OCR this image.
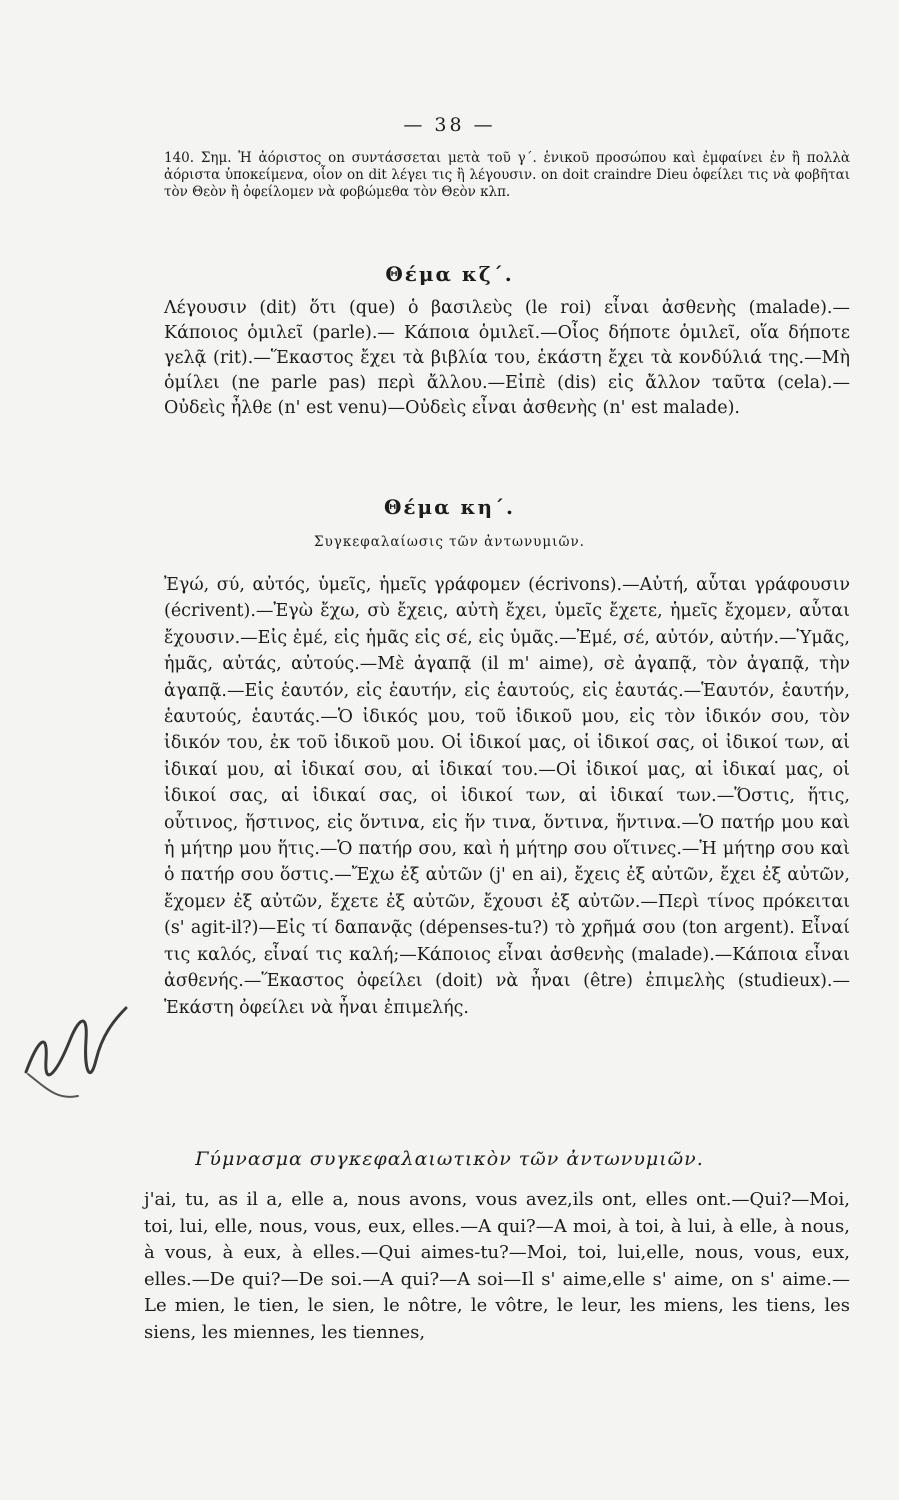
— 38 —
140. Σημ. Ἡ ἀόριστος on συντάσσεται μετὰ τοῦ γ΄. ἑνικοῦ προσώπου καὶ ἐμφαίνει ἐν ἢ πολλὰ ἀόριστα ὑποκείμενα, οἷον on dit λέγει τις ἢ λέγουσιν. on doit craindre Dieu ὀφείλει τις νὰ φοβῆται τὸν Θεὸν ἢ ὀφείλομεν νὰ φοβώμεθα τὸν Θεὸν κλπ.
Θέμα κζ΄.
Λέγουσιν (dit) ὅτι (que) ὁ βασιλεὺς (le roi) εἶναι ἀσθενὴς (malade).—Κάποιος ὁμιλεῖ (parle).— Κάποια ὁμιλεῖ.—Οἷος δήποτε ὁμιλεῖ, οἵα δήποτε γελᾷ (rit).—Ἕκαστος ἔχει τὰ βιβλία του, ἑκάστη ἔχει τὰ κονδύλιά της.—Μὴ ὁμίλει (ne parle pas) περὶ ἄλλου.—Εἰπὲ (dis) εἰς ἄλλον ταῦτα (cela).—Οὐδεὶς ἦλθε (n' est venu)—Οὐδεὶς εἶναι ἀσθενὴς (n' est malade).
Θέμα κη΄.
Συγκεφαλαίωσις τῶν ἀντωνυμιῶν.
Ἐγώ, σύ, αὐτός, ὑμεῖς, ἡμεῖς γράφομεν (écrivons).—Αὐτή, αὗται γράφουσιν (écrivent).—Ἐγὼ ἔχω, σὺ ἔχεις, αὐτὴ ἔχει, ὑμεῖς ἔχετε, ἡμεῖς ἔχομεν, αὗται ἔχουσιν.—Εἰς ἐμέ, εἰς ἡμᾶς εἰς σέ, εἰς ὑμᾶς.—Ἐμέ, σέ, αὐτόν, αὐτήν.—Ὑμᾶς, ἡμᾶς, αὐτάς, αὐτούς.—Μὲ ἀγαπᾷ (il m' aime), σὲ ἀγαπᾷ, τὸν ἀγαπᾷ, τὴν ἀγαπᾷ.—Εἰς ἑαυτόν, εἰς ἑαυτήν, εἰς ἑαυτούς, εἰς ἑαυτάς.—Ἑαυτόν, ἑαυτήν, ἑαυτούς, ἑαυτάς.—Ὁ ἰδικός μου, τοῦ ἰδικοῦ μου, εἰς τὸν ἰδικόν σου, τὸν ἰδικόν του, ἐκ τοῦ ἰδικοῦ μου. Οἱ ἰδικοί μας, οἱ ἰδικοί σας, οἱ ἰδικοί των, αἱ ἰδικαί μου, αἱ ἰδικαί σου, αἱ ἰδικαί του.—Οἱ ἰδικοί μας, αἱ ἰδικαί μας, οἱ ἰδικοί σας, αἱ ἰδικαί σας, οἱ ἰδικοί των, αἱ ἰδικαί των.—Ὅστις, ἥτις, οὗτινος, ἥστινος, εἰς ὅντινα, εἰς ἥν τινα, ὅντινα, ἥντινα.—Ὁ πατήρ μου καὶ ἡ μήτηρ μου ἥτις.—Ὁ πατήρ σου, καὶ ἡ μήτηρ σου οἵτινες.—Ἡ μήτηρ σου καὶ ὁ πατήρ σου ὅστις.—Ἔχω ἐξ αὐτῶν (j' en ai), ἔχεις ἐξ αὐτῶν, ἔχει ἐξ αὐτῶν, ἔχομεν ἐξ αὐτῶν, ἔχετε ἐξ αὐτῶν, ἔχουσι ἐξ αὐτῶν.—Περὶ τίνος πρόκειται (s' agit-il?)—Εἰς τί δαπανᾷς (dépenses-tu?) τὸ χρῆμά σου (ton argent). Εἶναί τις καλός, εἶναί τις καλή;—Κάποιος εἶναι ἀσθενὴς (malade).—Κάποια εἶναι ἀσθενής.—Ἕκαστος ὀφείλει (doit) νὰ ἦναι (être) ἐπιμελὴς (studieux).—Ἑκάστη ὀφείλει νὰ ἦναι ἐπιμελής.
Γύμνασμα συγκεφαλαιωτικὸν τῶν ἀντωνυμιῶν.
j'ai, tu, as il a, elle a, nous avons, vous avez,ils ont, elles ont.—Qui?—Moi, toi, lui, elle, nous, vous, eux, elles.—A qui?—A moi, à toi, à lui, à elle, à nous, à vous, à eux, à elles.—Qui aimes-tu?—Moi, toi, lui,elle, nous, vous, eux, elles.—De qui?—De soi.—A qui?—A soi—Il s' aime,elle s' aime, on s' aime.—Le mien, le tien, le sien, le nôtre, le vôtre, le leur, les miens, les tiens, les siens, les miennes, les tiennes,
